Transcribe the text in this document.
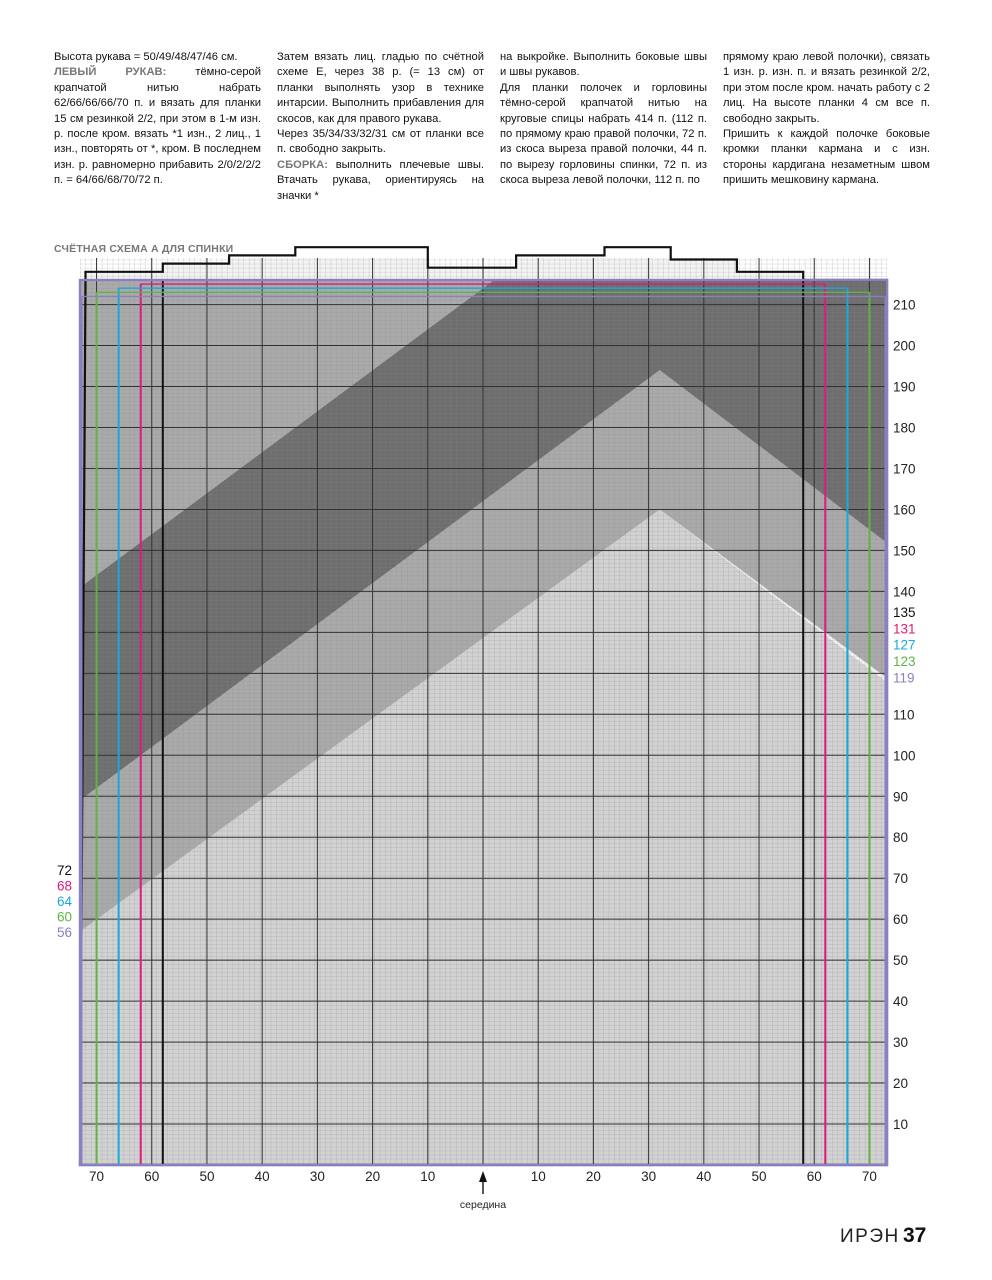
Высота рукава = 50/49/48/47/46 см.

ЛЕВЫЙ РУКАВ: тёмно-серой крапчатой нитью набрать 62/66/66/66/70 п. и вязать для планки 15 см резинкой 2/2, при этом в 1-м изн. р. после кром. вязать *1 изн., 2 лиц., 1 изн., повторять от *, кром. В последнем изн. р. равномерно прибавить 2/0/2/2/2 п. = 64/66/68/70/72 п.

Затем вязать лиц. гладью по счётной схеме Е, через 38 р. (= 13 см) от планки выполнять узор в технике интарсии. Выполнить прибавления для скосов, как для правого рукава.

Через 35/34/33/32/31 см от планки все п. свободно закрыть.

СБОРКА: выполнить плечевые швы. Втачать рукава, ориентируясь на значки *

на выкройке. Выполнить боковые швы и швы рукавов.

Для планки полочек и горловины тёмно-серой крапчатой нитью на круговые спицы набрать 414 п. (112 п. по прямому краю правой полочки, 72 п. из скоса выреза правой полочки, 44 п. по вырезу горловины спинки, 72 п. из скоса выреза левой полочки, 112 п. по

прямому краю левой полочки), связать 1 изн. р. изн. п. и вязать резинкой 2/2, при этом после кром. начать работу с 2 лиц. На высоте планки 4 см все п. свободно закрыть.

Пришить к каждой полочке боковые кромки планки кармана и с изн. стороны кардигана незаметным швом пришить мешковину кармана.

СЧЁТНАЯ СХЕМА А ДЛЯ СПИНКИ
70	60	50	40	30	20	10	10	20	30	40	50	60	70
10
20
30
40
50
60
70
80
90
100
110
140
150
160
170
180
190
200
210
135
131
127
123
119
72
68
64
60
56
середина
ИРЭН 37
